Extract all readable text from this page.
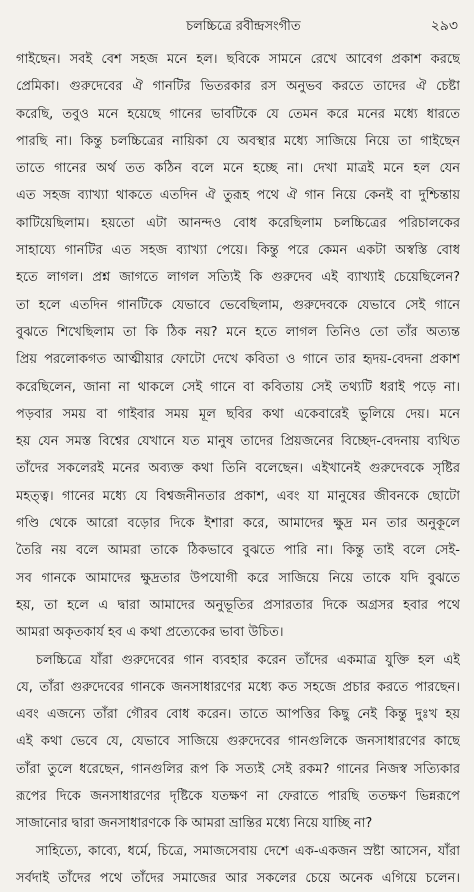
চলচ্চিত্রে রবীন্দ্রসংগীত	২৯৩
গাইছেন। সবই বেশ সহজ মনে হল। ছবিকে সামনে রেখে আবেগ প্রকাশ করছে
প্রেমিকা। গুরুদেবের ঐ গানটির ভিতরকার রস অনুভব করতে তাদের ঐ চেষ্টা
করেছি, তবুও মনে হয়েছে গানের ভাবটিকে যে তেমন করে মনের মধ্যে ধারতে
পারছি না। কিন্তু চলচ্চিত্রের নায়িকা যে অবস্থার মধ্যে সাজিয়ে নিয়ে তা গাইছেন
তাতে গানের অর্থ তত কঠিন বলে মনে হচ্ছে না। দেখা মাত্রই মনে হল যেন
এত সহজ ব্যাখ্যা থাকতে এতদিন ঐ তুরূহ পথে ঐ গান নিয়ে কেনই বা দুশ্চিন্তায়
কাটিয়েছিলাম। হয়তো এটা আনন্দও বোধ করেছিলাম চলচ্চিত্রের পরিচালকের
সাহায্যে গানটির এত সহজ ব্যাখ্যা পেয়ে। কিন্তু পরে কেমন একটা অস্বস্তি বোধ
হতে লাগল। প্রশ্ন জাগতে লাগল সত্যিই কি গুরুদেব এই ব্যাখ্যাই চেয়েছিলেন?
তা হলে এতদিন গানটিকে যেভাবে ভেবেছিলাম, গুরুদেবকে যেভাবে সেই গানে
বুঝতে শিখেছিলাম তা কি ঠিক নয়? মনে হতে লাগল তিনিও তো তাঁর অত্যন্ত
প্রিয় পরলোকগত আত্মীয়ার ফোটো দেখে কবিতা ও গানে তার হৃদয়-বেদনা প্রকাশ
করেছিলেন, জানা না থাকলে সেই গানে বা কবিতায় সেই তথ্যটি ধরাই পড়ে না।
পড়বার সময় বা গাইবার সময় মূল ছবির কথা একেবারেই ভুলিয়ে দেয়। মনে
হয় যেন সমস্ত বিশ্বের যেখানে যত মানুষ তাদের প্রিয়জনের বিচ্ছেদ-বেদনায় ব্যথিত
তাঁদের সকলেরই মনের অব্যক্ত কথা তিনি বলেছেন। এইখানেই গুরুদেবকে সৃষ্টির
মহত্ত্ব। গানের মধ্যে যে বিশ্বজনীনতার প্রকাশ, এবং যা মানুষের জীবনকে ছোটো
গণ্ডি থেকে আরো বড়োর দিকে ইশারা করে, আমাদের ক্ষুদ্র মন তার অনুকূলে
তৈরি নয় বলে আমরা তাকে ঠিকভাবে বুঝতে পারি না। কিন্তু তাই বলে সেই-
সব গানকে আমাদের ক্ষুদ্রতার উপযোগী করে সাজিয়ে নিয়ে তাকে যদি বুঝতে
হয়, তা হলে এ দ্বারা আমাদের অনুভূতির প্রসারতার দিকে অগ্রসর হবার পথে
আমরা অকৃতকার্য হব এ কথা প্রত্যেকের ভাবা উচিত।
চলচ্চিত্রে যাঁরা গুরুদেবের গান ব্যবহার করেন তাঁদের একমাত্র যুক্তি হল এই
যে, তাঁরা গুরুদেবের গানকে জনসাধারণের মধ্যে কত সহজে প্রচার করতে পারছেন।
এবং এজন্যে তাঁরা গৌরব বোধ করেন। তাতে আপত্তির কিছু নেই কিন্তু দুঃখ হয়
এই কথা ভেবে যে, যেভাবে সাজিয়ে গুরুদেবের গানগুলিকে জনসাধারণের কাছে
তাঁরা তুলে ধরেছেন, গানগুলির রূপ কি সত্যই সেই রকম? গানের নিজস্ব সত্যিকার
রূপের দিকে জনসাধারণের দৃষ্টিকে যতক্ষণ না ফেরাতে পারছি ততক্ষণ ভিন্নরূপে
সাজানোর দ্বারা জনসাধারণকে কি আমরা ভ্রান্তির মধ্যে নিয়ে যাচ্ছি না?
সাহিত্যে, কাব্যে, ধর্মে, চিত্রে, সমাজসেবায় দেশে এক-একজন স্রষ্টা আসেন, যাঁরা
সর্বদাই তাঁদের পথে তাঁদের সমাজের আর সকলের চেয়ে অনেক এগিয়ে চলেন।
